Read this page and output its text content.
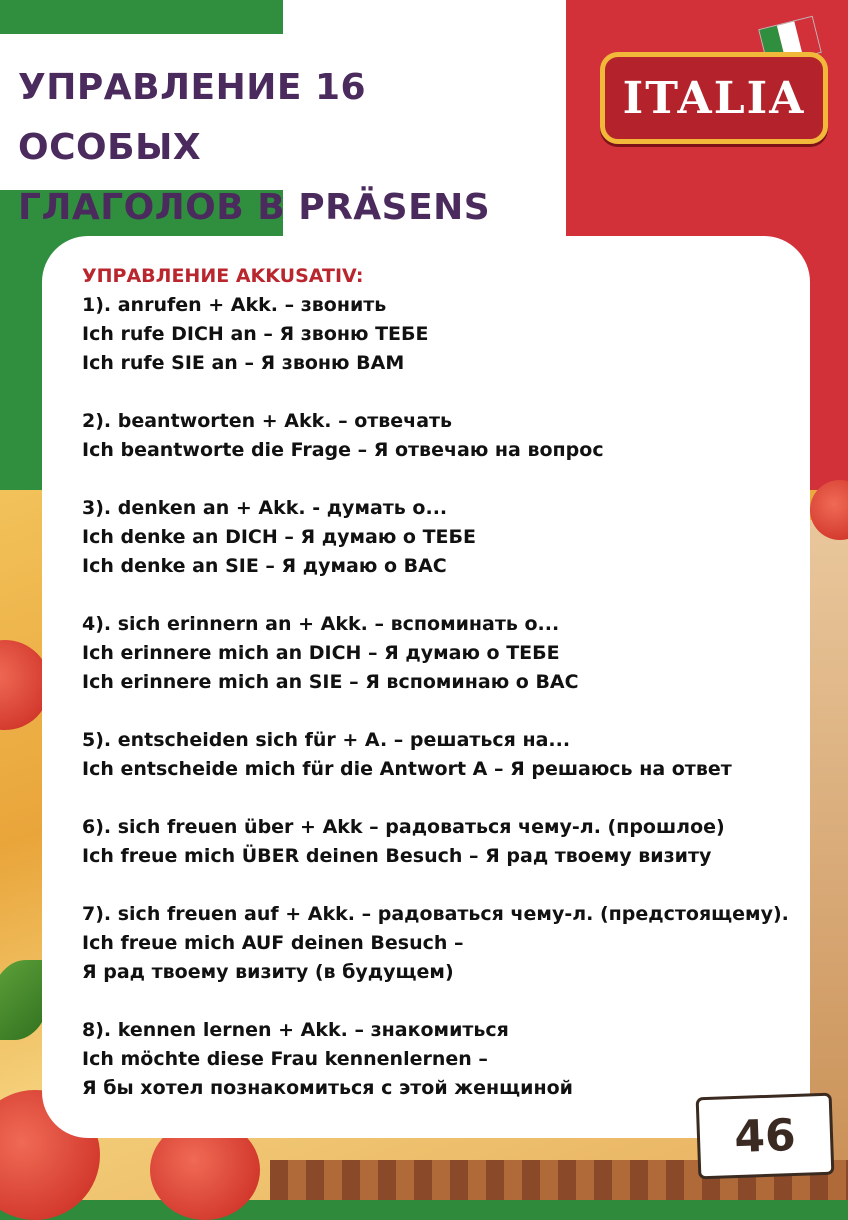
УПРАВЛЕНИЕ 16 ОСОБЫХ
ГЛАГОЛОВ В PRÄSENS
ITALIA

УПРАВЛЕНИЕ AKKUSATIV:

1). anrufen + Akk. – звонить
Ich rufe DICH an – Я звоню ТЕБЕ
Ich rufe SIE an – Я звоню ВАМ
2). beantworten + Akk. – отвечать
Ich beantworte die Frage – Я отвечаю на вопрос
3). denken an + Akk. - думать о...
Ich denke an DICH – Я думаю о ТЕБЕ
Ich denke an SIE – Я думаю о ВАС
4). sich erinnern an + Akk. – вспоминать о...
Ich erinnere mich an DICH – Я думаю о ТЕБЕ
Ich erinnere mich an SIE – Я вспоминаю о ВАС
5). entscheiden sich für + A. – решаться на...
Ich entscheide mich für die Antwort A – Я решаюсь на ответ
6). sich freuen über + Akk – радоваться чему-л. (прошлое)
Ich freue mich ÜBER deinen Besuch – Я рад твоему визиту
7). sich freuen auf + Akk. – радоваться чему-л. (предстоящему).
Ich freue mich AUF deinen Besuch –
Я рад твоему визиту (в будущем)
8). kennen lernen + Akk. – знакомиться
Ich möchte diese Frau kennenlernen –
Я бы хотел познакомиться с этой женщиной
46
